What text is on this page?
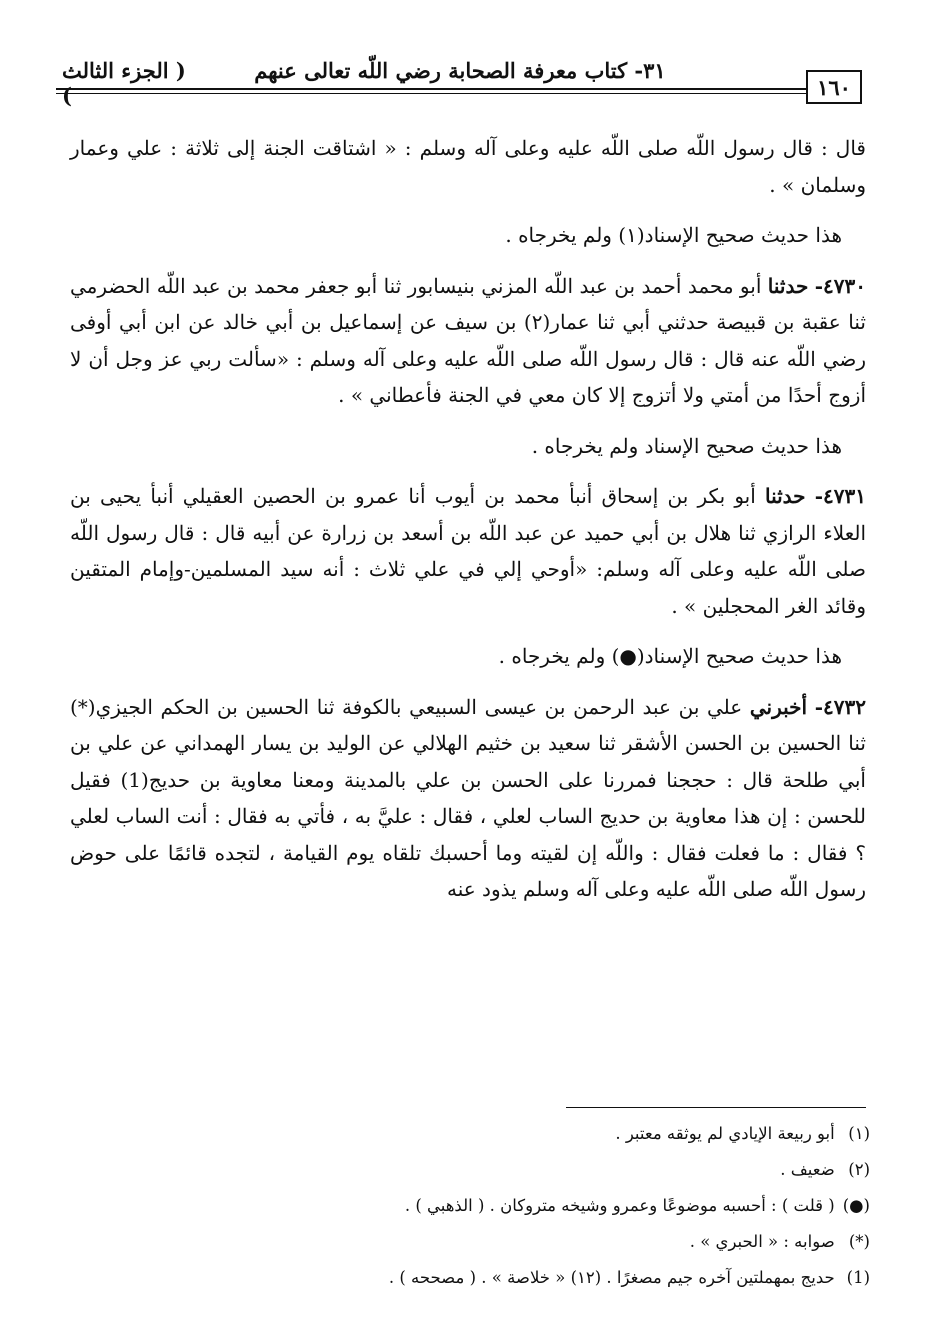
٣١- كتاب معرفة الصحابة رضي اللّه تعالى عنهم
( الجزء الثالث )	١٦٠

قال : قال رسول اللّه صلى اللّه عليه وعلى آله وسلم : « اشتاقت الجنة إلى ثلاثة : علي وعمار وسلمان » .

هذا حديث صحيح الإسناد(١) ولم يخرجاه .

٤٧٣٠- حدثنا أبو محمد أحمد بن عبد اللّه المزني بنيسابور ثنا أبو جعفر محمد بن عبد اللّه الحضرمي ثنا عقبة بن قبيصة حدثني أبي ثنا عمار(٢) بن سيف عن إسماعيل بن أبي خالد عن ابن أبي أوفى رضي اللّه عنه قال : قال رسول اللّه صلى اللّه عليه وعلى آله وسلم : «سألت ربي عز وجل أن لا أزوج أحدًا من أمتي ولا أتزوج إلا كان معي في الجنة فأعطاني » .

هذا حديث صحيح الإسناد ولم يخرجاه .

٤٧٣١- حدثنا أبو بكر بن إسحاق أنبأ محمد بن أيوب أنا عمرو بن الحصين العقيلي أنبأ يحيى بن العلاء الرازي ثنا هلال بن أبي حميد عن عبد اللّه بن أسعد بن زرارة عن أبيه قال : قال رسول اللّه صلى اللّه عليه وعلى آله وسلم: «أوحي إلي في علي ثلاث : أنه سيد المسلمين-وإمام المتقين وقائد الغر المحجلين » .

هذا حديث صحيح الإسناد(●) ولم يخرجاه .

٤٧٣٢- أخبرني علي بن عبد الرحمن بن عيسى السبيعي بالكوفة ثنا الحسين بن الحكم الجيزي(*) ثنا الحسين بن الحسن الأشقر ثنا سعيد بن خثيم الهلالي عن الوليد بن يسار الهمداني عن علي بن أبي طلحة قال : حججنا فمررنا على الحسن بن علي بالمدينة ومعنا معاوية بن حديج(1) فقيل للحسن : إن هذا معاوية بن حديج الساب لعلي ، فقال : عليَّ به ، فأتي به فقال : أنت الساب لعلي ؟ فقال : ما فعلت فقال : واللّه إن لقيته وما أحسبك تلقاه يوم القيامة ، لتجده قائمًا على حوض رسول اللّه صلى اللّه عليه وعلى آله وسلم يذود عنه

(١) أبو ربيعة الإيادي لم يوثقه معتبر .

(٢) ضعيف .

(●) ( قلت ) : أحسبه موضوعًا وعمرو وشيخه متروكان . ( الذهبي ) .

(*) صوابه : « الحبري » .

(1) حديج بمهملتين آخره جيم مصغرًا . (١٢) « خلاصة » . ( مصححه ) .
